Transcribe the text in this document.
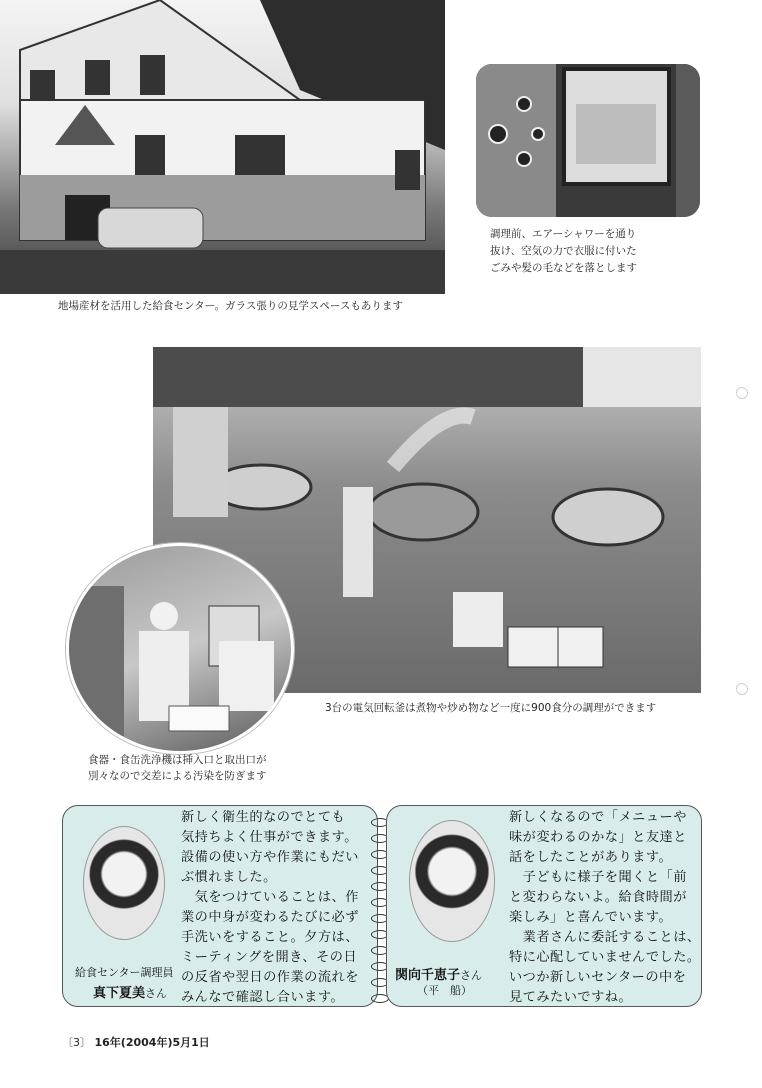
地場産材を活用した給食センター。ガラス張りの見学スペースもあります
調理前、エアーシャワーを通り
抜け、空気の力で衣服に付いた
ごみや髪の毛などを落とします
3台の電気回転釜は煮物や炒め物など一度に900食分の調理ができます
食器・食缶洗浄機は挿入口と取出口が
別々なので交差による汚染を防ぎます
給食センター調理員
真下夏美さん
新しく衛生的なのでとても
気持ちよく仕事ができます。
設備の使い方や作業にもだい
ぶ慣れました。
　気をつけていることは、作
業の中身が変わるたびに必ず
手洗いをすること。夕方は、
ミーティングを開き、その日
の反省や翌日の作業の流れを
みんなで確認し合います。
関向千恵子さん
（平　船）
新しくなるので「メニューや
味が変わるのかな」と友達と
話をしたことがあります。
　子どもに様子を聞くと「前
と変わらないよ。給食時間が
楽しみ」と喜んでいます。
　業者さんに委託することは、
特に心配していませんでした。
いつか新しいセンターの中を
見てみたいですね。
〔3〕 16年(2004年)5月1日
